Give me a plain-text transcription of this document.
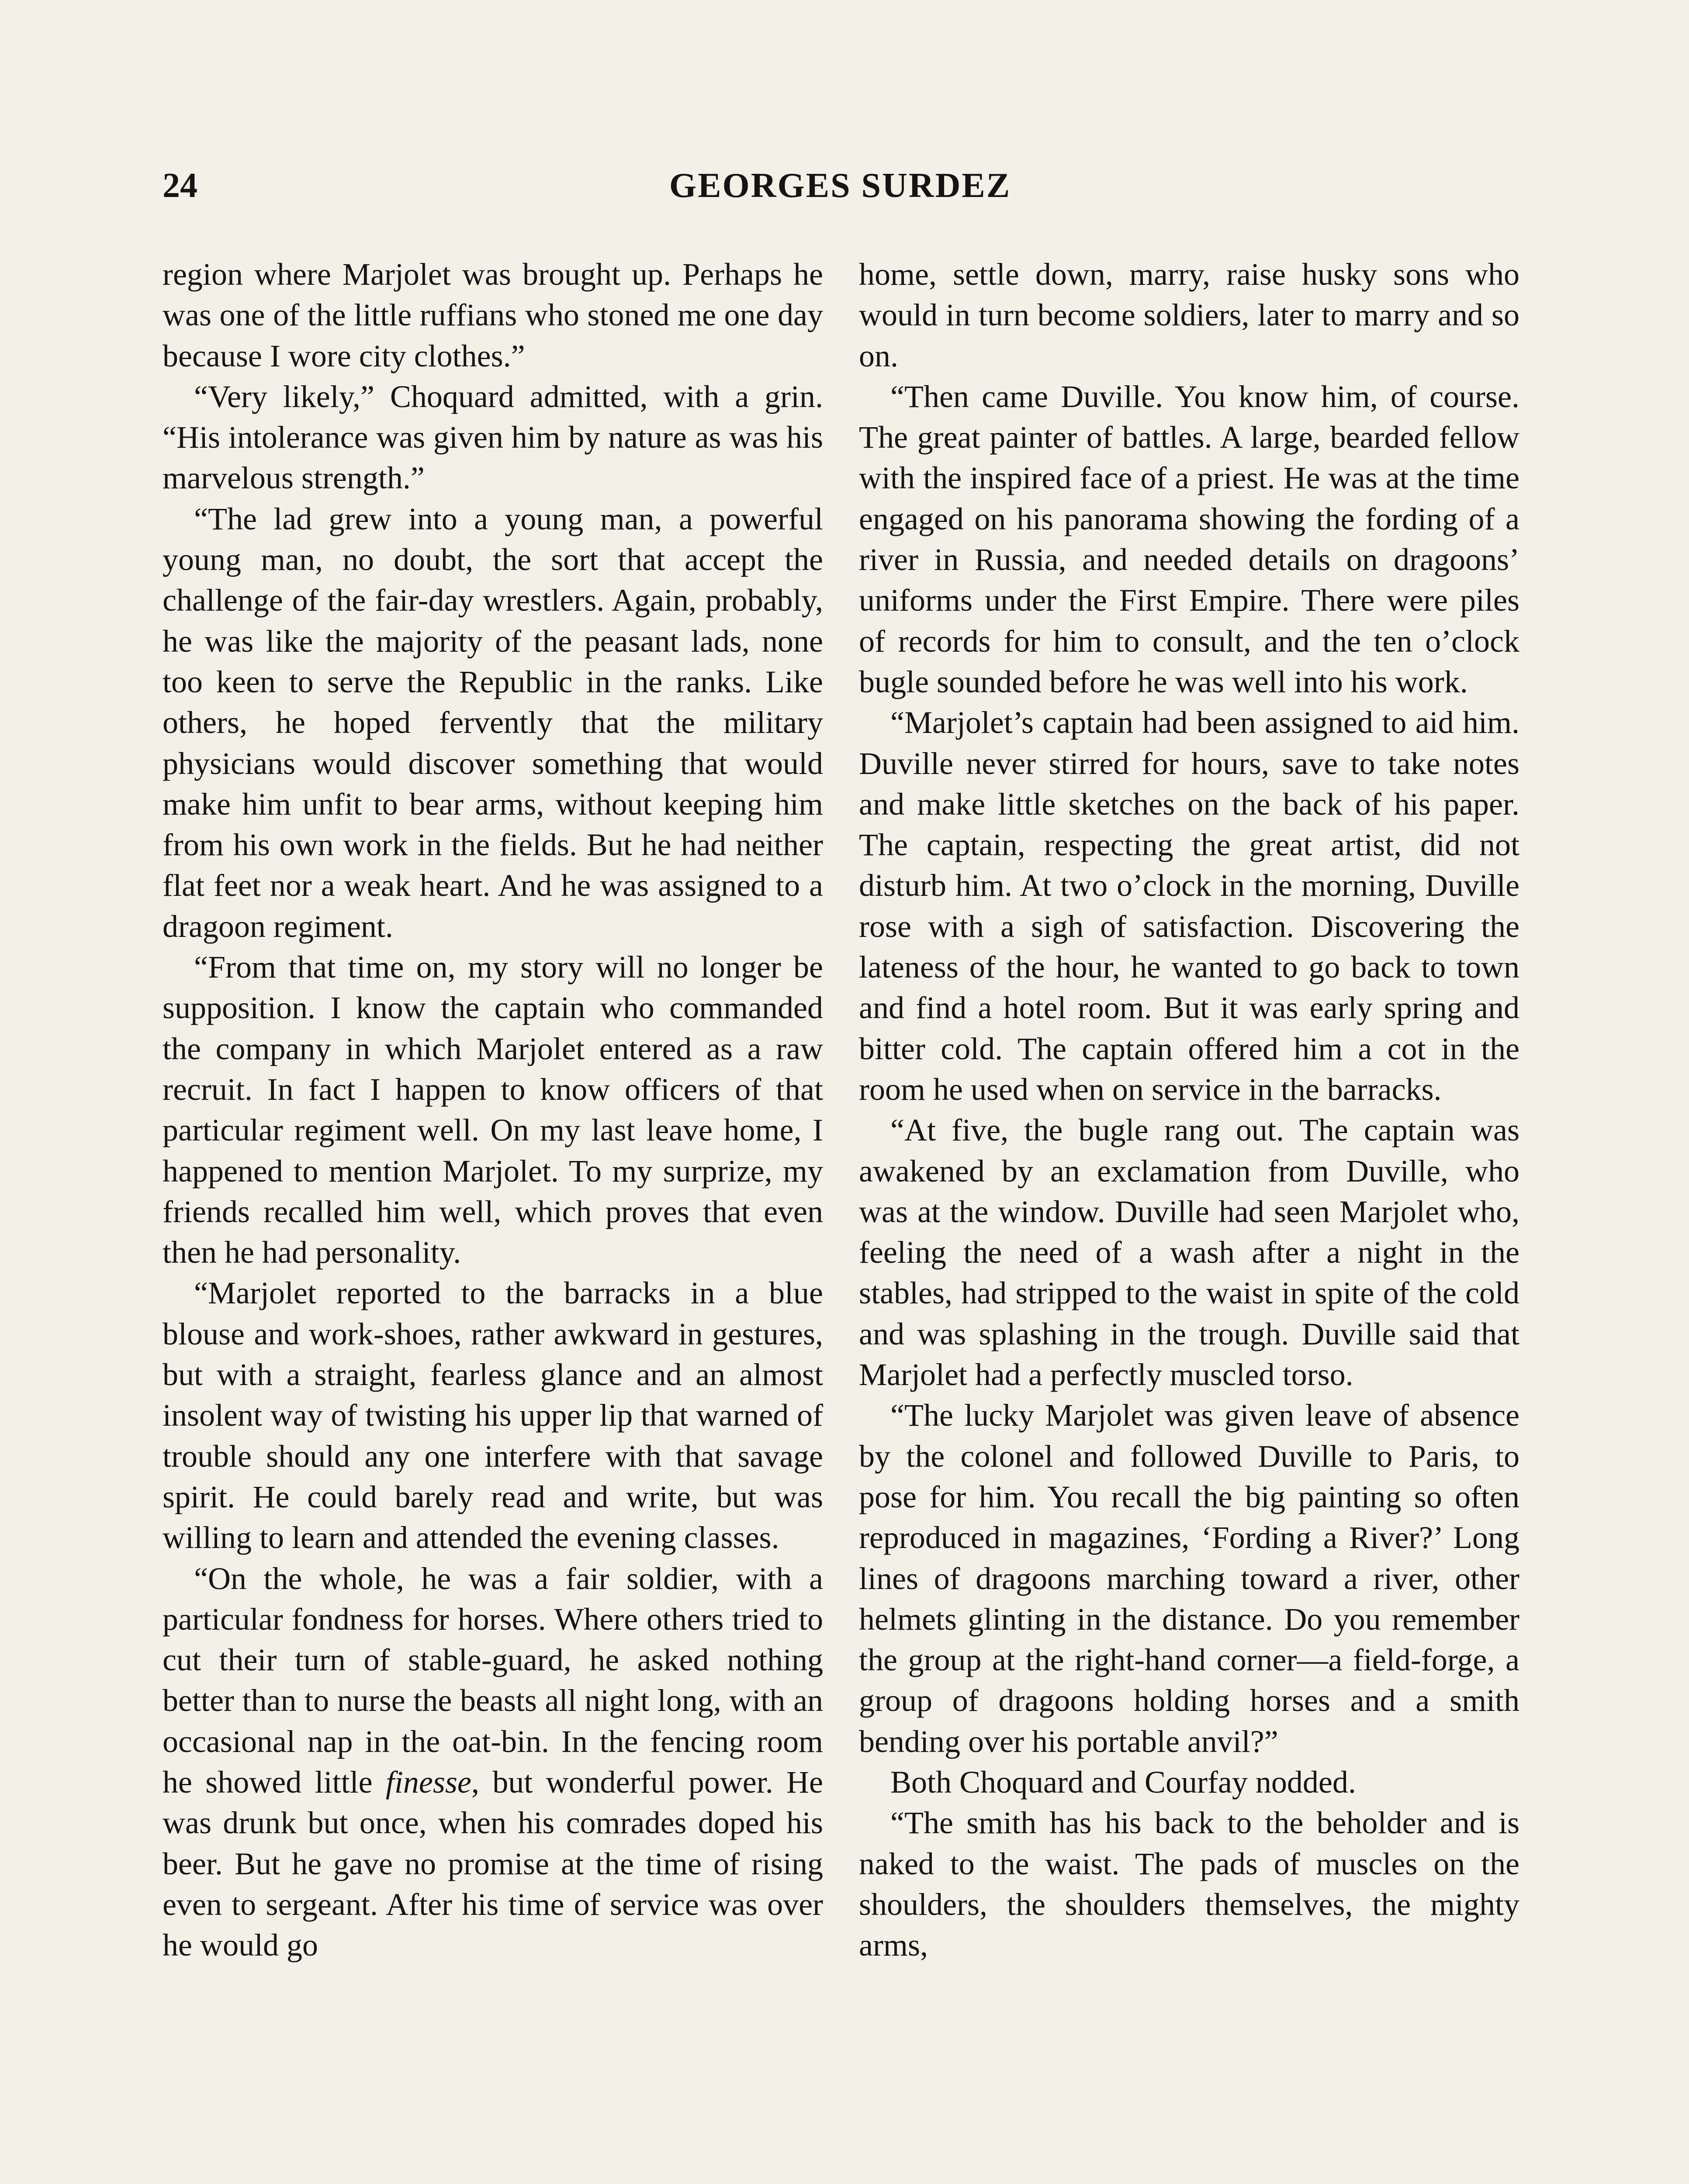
24	GEORGES SURDEZ

region where Marjolet was brought up. Perhaps he was one of the little ruffians who stoned me one day because I wore city clothes.”

“Very likely,” Choquard admitted, with a grin. “His intolerance was given him by nature as was his marvelous strength.”

“The lad grew into a young man, a powerful young man, no doubt, the sort that accept the challenge of the fair-day wrestlers. Again, probably, he was like the majority of the peasant lads, none too keen to serve the Republic in the ranks. Like others, he hoped fervently that the military physicians would discover something that would make him unfit to bear arms, without keeping him from his own work in the fields. But he had neither flat feet nor a weak heart. And he was assigned to a dragoon regiment.

“From that time on, my story will no longer be supposition. I know the captain who commanded the company in which Marjolet entered as a raw recruit. In fact I happen to know officers of that particular regiment well. On my last leave home, I happened to mention Marjolet. To my surprize, my friends recalled him well, which proves that even then he had personality.

“Marjolet reported to the barracks in a blue blouse and work-shoes, rather awkward in gestures, but with a straight, fearless glance and an almost insolent way of twisting his upper lip that warned of trouble should any one interfere with that savage spirit. He could barely read and write, but was willing to learn and attended the evening classes.

“On the whole, he was a fair soldier, with a particular fondness for horses. Where others tried to cut their turn of stable-guard, he asked nothing better than to nurse the beasts all night long, with an occasional nap in the oat-bin. In the fencing room he showed little finesse, but wonderful power. He was drunk but once, when his comrades doped his beer. But he gave no promise at the time of rising even to sergeant. After his time of service was over he would go

home, settle down, marry, raise husky sons who would in turn become soldiers, later to marry and so on.

“Then came Duville. You know him, of course. The great painter of battles. A large, bearded fellow with the inspired face of a priest. He was at the time engaged on his panorama showing the fording of a river in Russia, and needed details on dragoons’ uniforms under the First Empire. There were piles of records for him to consult, and the ten o’clock bugle sounded before he was well into his work.

“Marjolet’s captain had been assigned to aid him. Duville never stirred for hours, save to take notes and make little sketches on the back of his paper. The captain, respecting the great artist, did not disturb him. At two o’clock in the morning, Duville rose with a sigh of satisfaction. Discovering the lateness of the hour, he wanted to go back to town and find a hotel room. But it was early spring and bitter cold. The captain offered him a cot in the room he used when on service in the barracks.

“At five, the bugle rang out. The captain was awakened by an exclamation from Duville, who was at the window. Duville had seen Marjolet who, feeling the need of a wash after a night in the stables, had stripped to the waist in spite of the cold and was splashing in the trough. Duville said that Marjolet had a perfectly muscled torso.

“The lucky Marjolet was given leave of absence by the colonel and followed Duville to Paris, to pose for him. You recall the big painting so often reproduced in magazines, ‘Fording a River?’ Long lines of dragoons marching toward a river, other helmets glinting in the distance. Do you remember the group at the right-hand corner—a field-forge, a group of dragoons holding horses and a smith bending over his portable anvil?”

Both Choquard and Courfay nodded.

“The smith has his back to the beholder and is naked to the waist. The pads of muscles on the shoulders, the shoulders themselves, the mighty arms,
